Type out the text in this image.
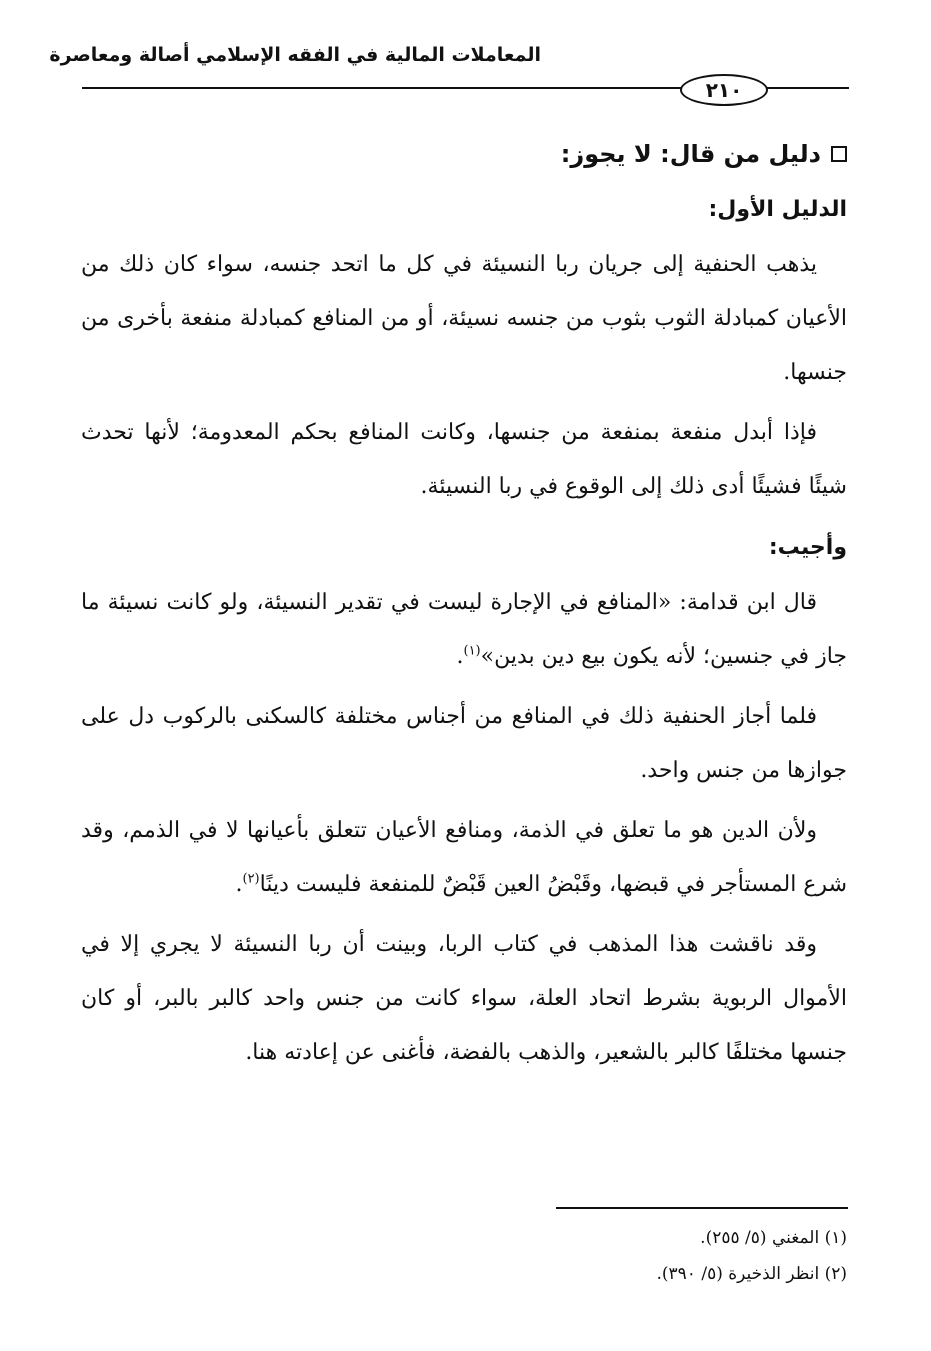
المعاملات المالية في الفقه الإسلامي أصالة ومعاصرة
٢١٠
دليل من قال: لا يجوز:
الدليل الأول:

يذهب الحنفية إلى جريان ربا النسيئة في كل ما اتحد جنسه، سواء كان ذلك من الأعيان كمبادلة الثوب بثوب من جنسه نسيئة، أو من المنافع كمبادلة منفعة بأخرى من جنسها.

فإذا أبدل منفعة بمنفعة من جنسها، وكانت المنافع بحكم المعدومة؛ لأنها تحدث شيئًا فشيئًا أدى ذلك إلى الوقوع في ربا النسيئة.

وأجيب:

قال ابن قدامة: «المنافع في الإجارة ليست في تقدير النسيئة، ولو كانت نسيئة ما جاز في جنسين؛ لأنه يكون بيع دين بدين»$^{(١)}$.

فلما أجاز الحنفية ذلك في المنافع من أجناس مختلفة كالسكنى بالركوب دل على جوازها من جنس واحد.

ولأن الدين هو ما تعلق في الذمة، ومنافع الأعيان تتعلق بأعيانها لا في الذمم، وقد شرع المستأجر في قبضها، وقَبْضُ العين قَبْضٌ للمنفعة فليست دينًا$^{(٢)}$.

وقد ناقشت هذا المذهب في كتاب الربا، وبينت أن ربا النسيئة لا يجري إلا في الأموال الربوية بشرط اتحاد العلة، سواء كانت من جنس واحد كالبر بالبر، أو كان جنسها مختلفًا كالبر بالشعير، والذهب بالفضة، فأغنى عن إعادته هنا.

(١) المغني (٥/ ٢٥٥).

(٢) انظر الذخيرة (٥/ ٣٩٠).
